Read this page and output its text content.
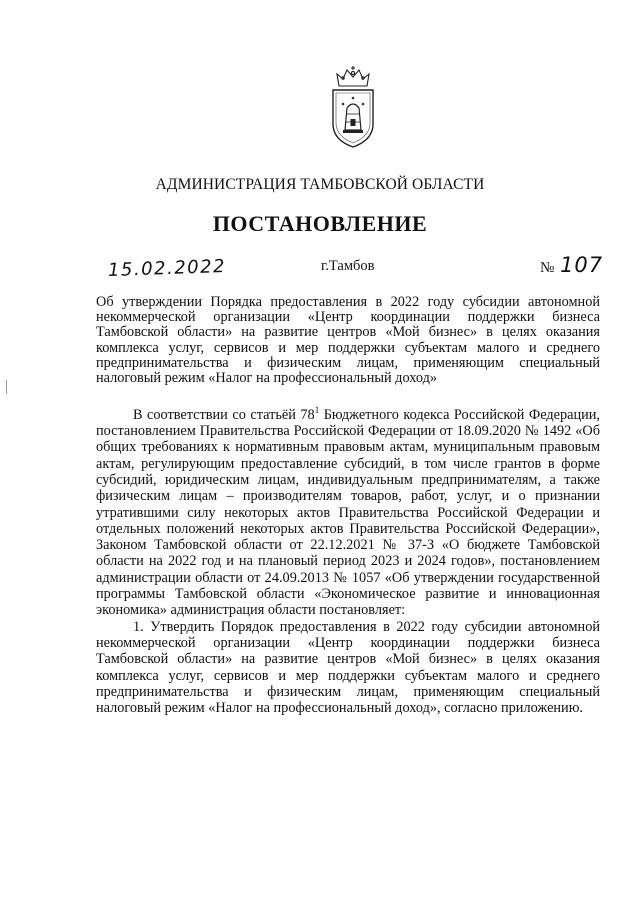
АДМИНИСТРАЦИЯ ТАМБОВСКОЙ ОБЛАСТИ
ПОСТАНОВЛЕНИЕ
15.02.2022	г.Тамбов	№ 107
Об утверждении Порядка предоставления в 2022 году субсидии автономной некоммерческой организации «Центр координации поддержки бизнеса Тамбовской области» на развитие центров «Мой бизнес» в целях оказания комплекса услуг, сервисов и мер поддержки субъектам малого и среднего предпринимательства и физическим лицам, применяющим специальный налоговый режим «Налог на профессиональный доход»

В соответствии со статьёй $78^1$ Бюджетного кодекса Российской Федерации, постановлением Правительства Российской Федерации от 18.09.2020 № 1492 «Об общих требованиях к нормативным правовым актам, муниципальным правовым актам, регулирующим предоставление субсидий, в том числе грантов в форме субсидий, юридическим лицам, индивидуальным предпринимателям, а также физическим лицам – производителям товаров, работ, услуг, и о признании утратившими силу некоторых актов Правительства Российской Федерации и отдельных положений некоторых актов Правительства Российской Федерации», Законом Тамбовской области от 22.12.2021 № 37-З «О бюджете Тамбовской области на 2022 год и на плановый период 2023 и 2024 годов», постановлением администрации области от 24.09.2013 № 1057 «Об утверждении государственной программы Тамбовской области «Экономическое развитие и инновационная экономика» администрация области постановляет:

1. Утвердить Порядок предоставления в 2022 году субсидии автономной некоммерческой организации «Центр координации поддержки бизнеса Тамбовской области» на развитие центров «Мой бизнес» в целях оказания комплекса услуг, сервисов и мер поддержки субъектам малого и среднего предпринимательства и физическим лицам, применяющим специальный налоговый режим «Налог на профессиональный доход», согласно приложению.
